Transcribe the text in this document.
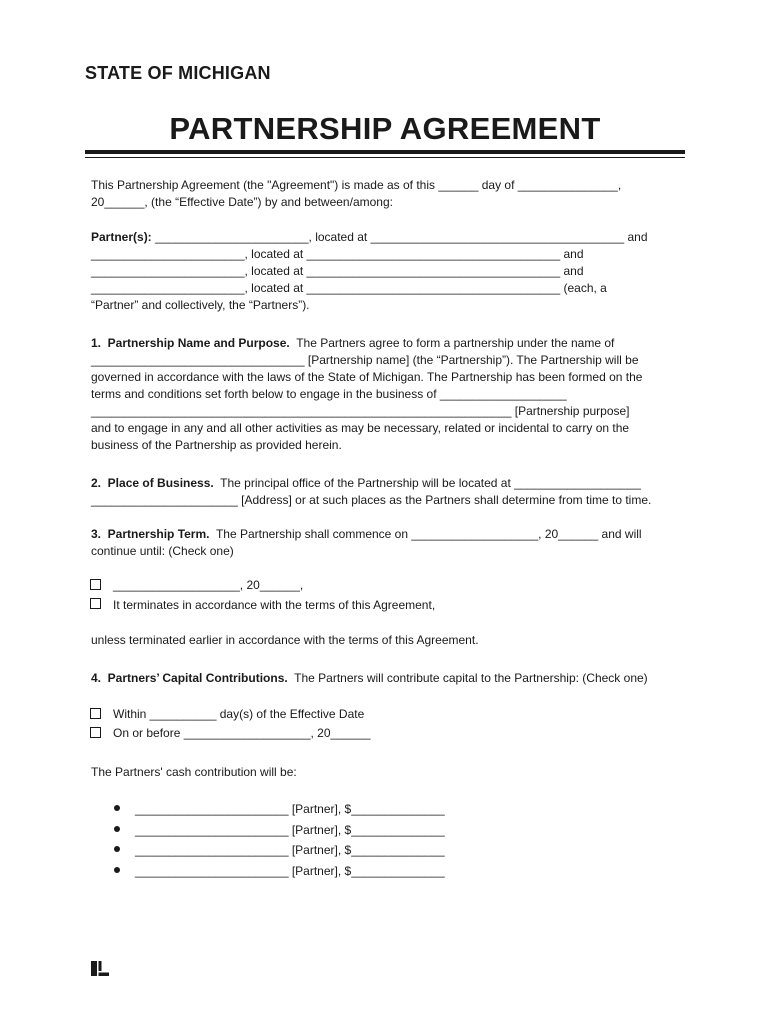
STATE OF MICHIGAN
PARTNERSHIP AGREEMENT
This Partnership Agreement (the "Agreement") is made as of this ______ day of _______________,
20______, (the “Effective Date”) by and between/among:
Partner(s): _______________________, located at ______________________________________ and
_______________________, located at ______________________________________ and
_______________________, located at ______________________________________ and
_______________________, located at ______________________________________ (each, a
“Partner” and collectively, the “Partners”).
1.  Partnership Name and Purpose. The Partners agree to form a partnership under the name of
________________________________ [Partnership name] (the “Partnership”). The Partnership will be
governed in accordance with the laws of the State of Michigan. The Partnership has been formed on the
terms and conditions set forth below to engage in the business of ___________________
_______________________________________________________________ [Partnership purpose]
and to engage in any and all other activities as may be necessary, related or incidental to carry on the
business of the Partnership as provided herein.
2.  Place of Business. The principal office of the Partnership will be located at ___________________
______________________ [Address] or at such places as the Partners shall determine from time to time.
3.  Partnership Term. The Partnership shall commence on ___________________, 20______ and will
continue until: (Check one)
___________________, 20______,
It terminates in accordance with the terms of this Agreement,
unless terminated earlier in accordance with the terms of this Agreement.
4.  Partners’ Capital Contributions. The Partners will contribute capital to the Partnership: (Check one)
Within __________ day(s) of the Effective Date
On or before ___________________, 20______
The Partners' cash contribution will be:
_______________________ [Partner], $______________
_______________________ [Partner], $______________
_______________________ [Partner], $______________
_______________________ [Partner], $______________
